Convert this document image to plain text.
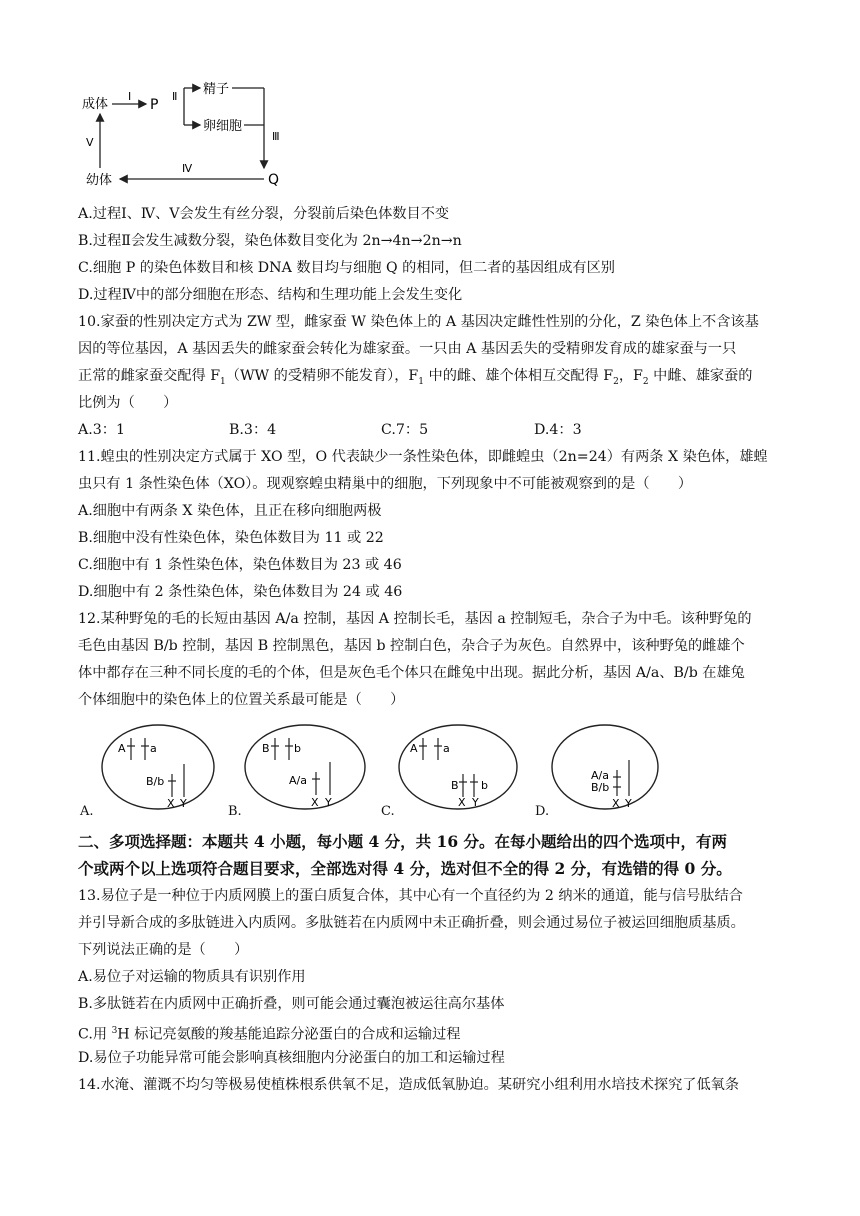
成体
Ⅰ
P
Ⅱ 精子
卵细胞
Ⅲ
Q
Ⅳ
幼体
Ⅴ
A.过程Ⅰ、Ⅳ、Ⅴ会发生有丝分裂，分裂前后染色体数目不变
B.过程Ⅱ会发生减数分裂，染色体数目变化为 2n→4n→2n→n
C.细胞 P 的染色体数目和核 DNA 数目均与细胞 Q 的相同，但二者的基因组成有区别
D.过程Ⅳ中的部分细胞在形态、结构和生理功能上会发生变化
10.家蚕的性别决定方式为 ZW 型，雌家蚕 W 染色体上的 A 基因决定雌性性别的分化，Z 染色体上不含该基
因的等位基因，A 基因丢失的雌家蚕会转化为雄家蚕。一只由 A 基因丢失的受精卵发育成的雄家蚕与一只
正常的雌家蚕交配得 $F_1(WW$ 的受精卵不能发育），$F_1$ 中的雌、雄个体相互交配得 $F_2$，$F_2$ 中雌、雄家蚕的
比例为（　　）
A.3：1	B.3：4	C.7：5	D.4：3
11.蝗虫的性别决定方式属于 XO 型，O 代表缺少一条性染色体，即雌蝗虫（2n=24）有两条 X 染色体，雄蝗
虫只有 1 条性染色体（XO）。现观察蝗虫精巢中的细胞，下列现象中不可能被观察到的是（　　）
A.细胞中有两条 X 染色体，且正在移向细胞两极
B.细胞中没有性染色体，染色体数目为 11 或 22
C.细胞中有 1 条性染色体，染色体数目为 23 或 46
D.细胞中有 2 条性染色体，染色体数目为 24 或 46
12.某种野兔的毛的长短由基因 A/a 控制，基因 A 控制长毛，基因 a 控制短毛，杂合子为中毛。该种野兔的
毛色由基因 B/b 控制，基因 B 控制黑色，基因 b 控制白色，杂合子为灰色。自然界中，该种野兔的雌雄个
体中都存在三种不同长度的毛的个体，但是灰色毛个体只在雌兔中出现。据此分析，基因 A/a、B/b 在雄兔
个体细胞中的染色体上的位置关系最可能是（　　）
A a
B/b
X Y
A.
B b
A/a
X Y
B.
A a
B b
X Y
C.
A/a
B/b
X Y
D.
二、多项选择题：本题共 4 小题，每小题 4 分，共 16 分。在每小题给出的四个选项中，有两
个或两个以上选项符合题目要求，全部选对得 4 分，选对但不全的得 2 分，有选错的得 0 分。
13.易位子是一种位于内质网膜上的蛋白质复合体，其中心有一个直径约为 2 纳米的通道，能与信号肽结合
并引导新合成的多肽链进入内质网。多肽链若在内质网中未正确折叠，则会通过易位子被运回细胞质基质。
下列说法正确的是（　　）
A.易位子对运输的物质具有识别作用
B.多肽链若在内质网中正确折叠，则可能会通过囊泡被运往高尔基体
C.用 $^3$H 标记亮氨酸的羧基能追踪分泌蛋白的合成和运输过程
D.易位子功能异常可能会影响真核细胞内分泌蛋白的加工和运输过程
14.水淹、灌溉不均匀等极易使植株根系供氧不足，造成低氧胁迫。某研究小组利用水培技术探究了低氧条
